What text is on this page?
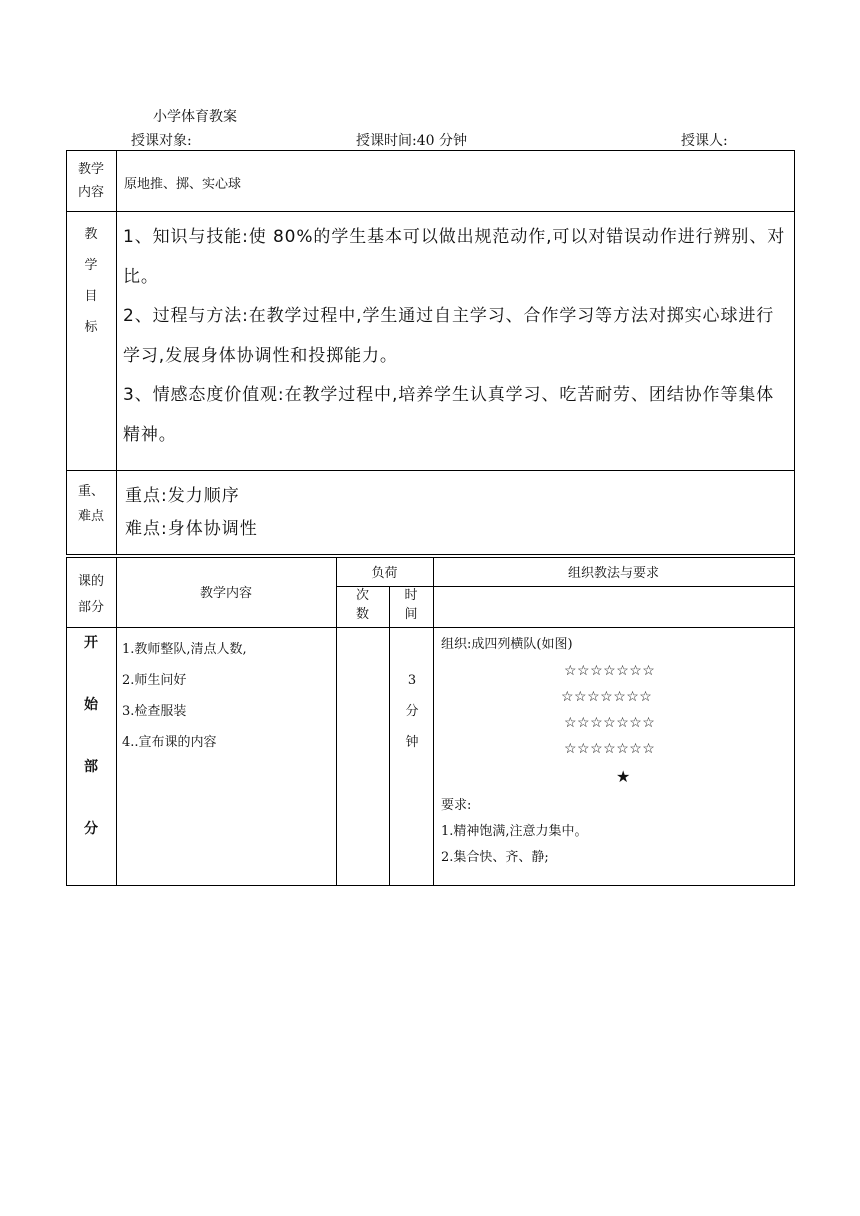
小学体育教案
授课对象:	授课时间:40 分钟	授课人:
教学内容
原地推、掷、实心球
教
学
目
标
1、知识与技能:使 80%的学生基本可以做出规范动作,可以对错误动作进行辨别、对比。
2、过程与方法:在教学过程中,学生通过自主学习、合作学习等方法对掷实心球进行学习,发展身体协调性和投掷能力。
3、情感态度价值观:在教学过程中,培养学生认真学习、吃苦耐劳、团结协作等集体精神。
重、
难点
重点:发力顺序
难点:身体协调性
课的
部分
教学内容
负荷
次
数
时
间
组织教法与要求
开
始
部
分
1.教师整队,清点人数,
2.师生问好
3.检查服装
4..宣布课的内容
3
分
钟
组织:成四列横队(如图)
☆☆☆☆☆☆☆
☆☆☆☆☆☆☆
☆☆☆☆☆☆☆
☆☆☆☆☆☆☆
★
要求:
1.精神饱满,注意力集中。
2.集合快、齐、静;
